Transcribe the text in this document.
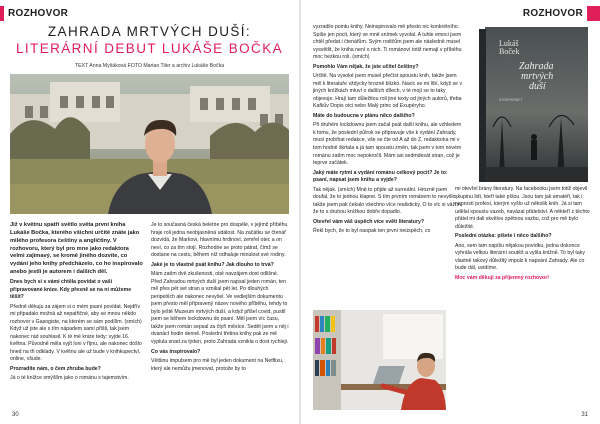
ROZHOVOR
ZAHRADA MRTVÝCH DUŠÍ:
LITERÁRNÍ DEBUT LUKÁŠE BOČKA
TEXT Anna Myšáková FOTO Marian Tiler a archiv Lukáše Bočka

Již v květnu spatří světlo světa první kniha Lukáše Bočka, kterého všichni určitě znáte jako milého profesora češtiny a angličtiny. V rozhovoru, který byl pro mne jako redaktora velmi zajímavý, se kromě jiného dozvíte, co vydání jeho knihy předcházelo, co ho inspirovalo anebo jestli je autorem i dalších děl.

Dnes bych si s vámi chtěla povídat o vaší připravované knize. Kdy přesně se na ni můžeme těšit?

Předně děkuju za zájem si o mém psaní povídat. Nejdřív mi připadalo možná až nepatřičné, aby se mnou někdo rozhovor v Gasogiste, na kterém se sám podílím. (smích) Když už jste ale s tím nápadem samí přišli, tak jsem nakonec rád souhlasil. K té mé knize tedy: vyjde 16. května. Původně měla vyjít loni v říjnu, ale nakonec došlo hned na tři odklady. V květnu ale už bude v knihkupectví, online, všude.

Prozradíte nám, o čem zhruba bude?

Já o té knížce smýšlím jako o románu s tajemstvím.

Je to současná česká beletrie pro dospělé, v jejímž příběhu hraje roli jedna neobjasněná událost. Na začátku se čtenář dozvídá, že Markovi, hlavnímu hrdinovi, zemřel otec a on neví, co za tím stojí. Rozhodne se proto pátrat, čímž se dostane na cestu, během níž odhaluje minulost své rodiny.

Jaké je to vlastně psát knihu? Jak dlouho to trvá?

Mám zatím dvě zkušenosti, obě navzájem dost odlišné. Před Zahradou mrtvých duší jsem napsal jeden román, ten mě přes pět set stran a vznikal pět let. Po dlouhých peripetiích ale nakonec nevyšel. Ve vedlejším dokumentu jsem přesto měl připravený název nového příběhu, tehdy to bylo ještě Muzeum mrtvých duší, a když přišel covid, pustil jsem se během lockdownu do psaní. Měl jsem víc času, takže jsem román sepsal za čtyři měsíce. Sedět jsem u něj i dvanáct hodin denně. Poslední třetina knihy pak ze mě vyplula snad za týden, proto Zahrada vznikla o dost rychleji.

Co vás inspirovalo?

Většinu impulsem pro mě byl jeden dokument na Netflixu, který ale nemůžu jmenovat, protože by to

30
ROZHOVOR

vyzradilo pointu knihy. Neinspirovalo mě přesto nic konkrétního. Spíše jen pocit, který ve mně snímek vyvolal. A tuhle emoci jsem chtěl předat i čtenářům. Svým rodičům jsem ale následně musel vysvětlit, že kniha není o nich. Ti románoví totiž nemají v příběhu moc hezkou roli. (smích)

Pomohlo Vám nějak, že jste učitel češtiny?

Určitě. Na vysoké jsem musel přečíst spoustu knih, takže jsem měl k literatuře vždycky hrozně blízko. Navíc se mi líbí, když se v jiných knížkách mluví o dalších dílech, v té mojí se to taky objevuje. Hrají tam důležitou roli jiné texty od jiných autorů, třeba Kafkův Dopis otci nebo Malý princ od Exupéryho.

Máte do budoucna v plánu něco dalšího?

Při druhém lockdownu jsem začal psát další knihu, ale vzhledem k tomu, že poslední půlrok se připravuje vše k vydání Zahrady, musí probíhat redakce, vše se čte od A až do Z, redaktorka mi v tom hodně škrtala a já tam spoustu změn, tak jsem v tom novém románu zatím moc nepokročil. Mám asi sedmdesát stran, což je teprve začátek.

Jaký máte rytmí a vydání románu celkový pocit? Je to: psaní, napsat jsem knihu a vyjde?

Tak nějak. (smích) Mně to přijde až surreální. Hrozně jsem doufal, že to jednou klapne. S tím prvním románem to nevyšlo, takže jsem pak čekalo všechno více realisticky. O to víc si vážím, že to s druhou knížkou dobře dopadlo.

Otevřel vám váš úspěch více světí literatury?

Řekl bych, že to byl naopak ten první neúspěch, co

mi otevřel brány literatury. Na facebooku jsem totiž objevil skupinu lidí, kteří také píšou. Jsou tam jak amatéři, tak i naprostí profesí, kterým vyšlo už několik knih. Já si tam udělal spoustu vazeb, navázal přátelství. A někteří z těchto přátel mi dali skvělou zpětnou vazbu, což pro mě bylo důležité.

Poslední otázka: píšete i něco dalšího?

Ano, sem tam napíšu nějakou povídku, jedna dokonce vyhrála velkou literární soutěž a vyšla knižně. To byl taky vlastně takový důležitý impulz k napsání Zahrady. Ale co bude dál, uvidíme.

Moc vám děkuji za příjemný rozhovor!

31
Lukáš Boček
Zahrada mrtvých duší
STORYKRAFT
